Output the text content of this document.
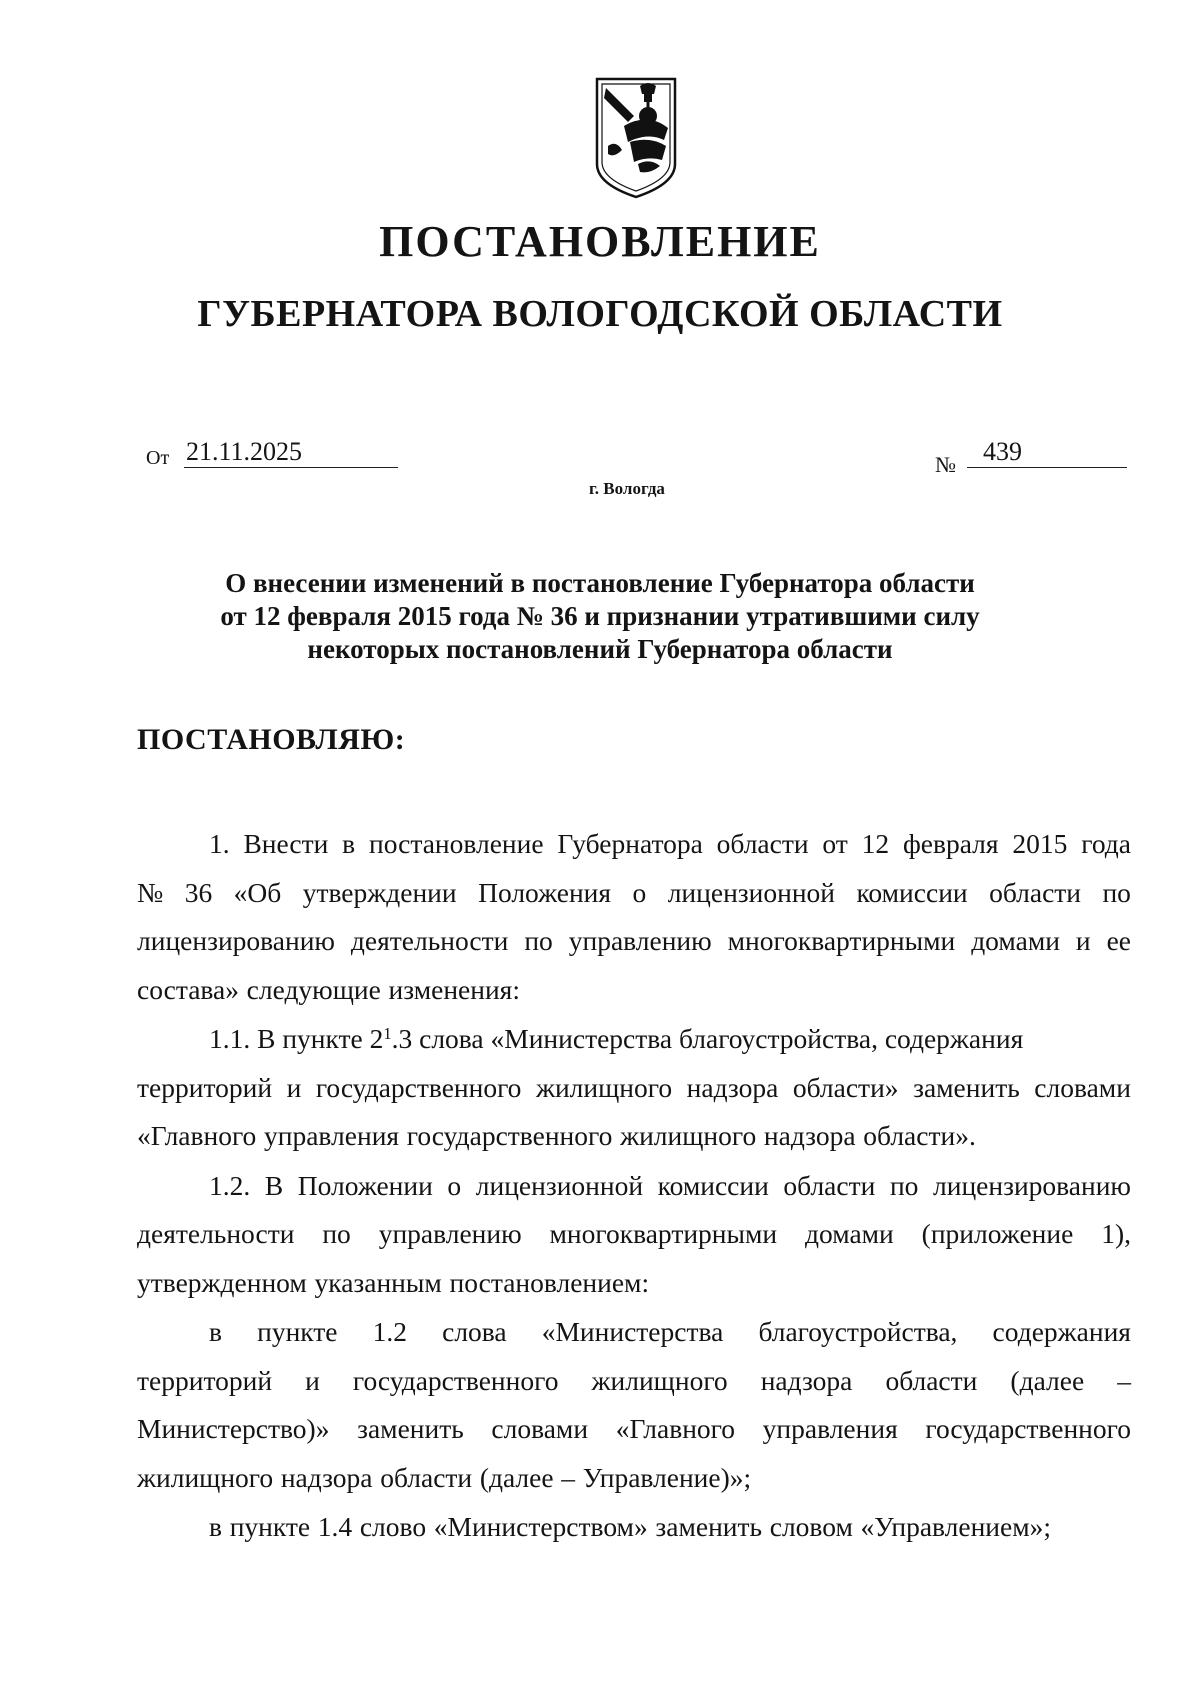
ПОСТАНОВЛЕНИЕ
ГУБЕРНАТОРА ВОЛОГОДСКОЙ ОБЛАСТИ
От 21.11.2025	№	439
г. Вологда
О внесении изменений в постановление Губернатора области
от 12 февраля 2015 года № 36 и признании утратившими силу
некоторых постановлений Губернатора области
ПОСТАНОВЛЯЮ:
1. Внести в постановление Губернатора области от 12 февраля 2015 года
№ 36 «Об утверждении Положения о лицензионной комиссии области по
лицензированию деятельности по управлению многоквартирными домами и ее
состава» следующие изменения:
1.1. В пункте $2^1.3$ слова «Министерства благоустройства, содержания
территорий и государственного жилищного надзора области» заменить словами
«Главного управления государственного жилищного надзора области».
1.2. В Положении о лицензионной комиссии области по лицензированию
деятельности по управлению многоквартирными домами (приложение 1),
утвержденном указанным постановлением:
в пункте 1.2 слова «Министерства благоустройства, содержания
территорий и государственного жилищного надзора области (далее –
Министерство)» заменить словами «Главного управления государственного
жилищного надзора области (далее – Управление)»;
в пункте 1.4 слово «Министерством» заменить словом «Управлением»;
